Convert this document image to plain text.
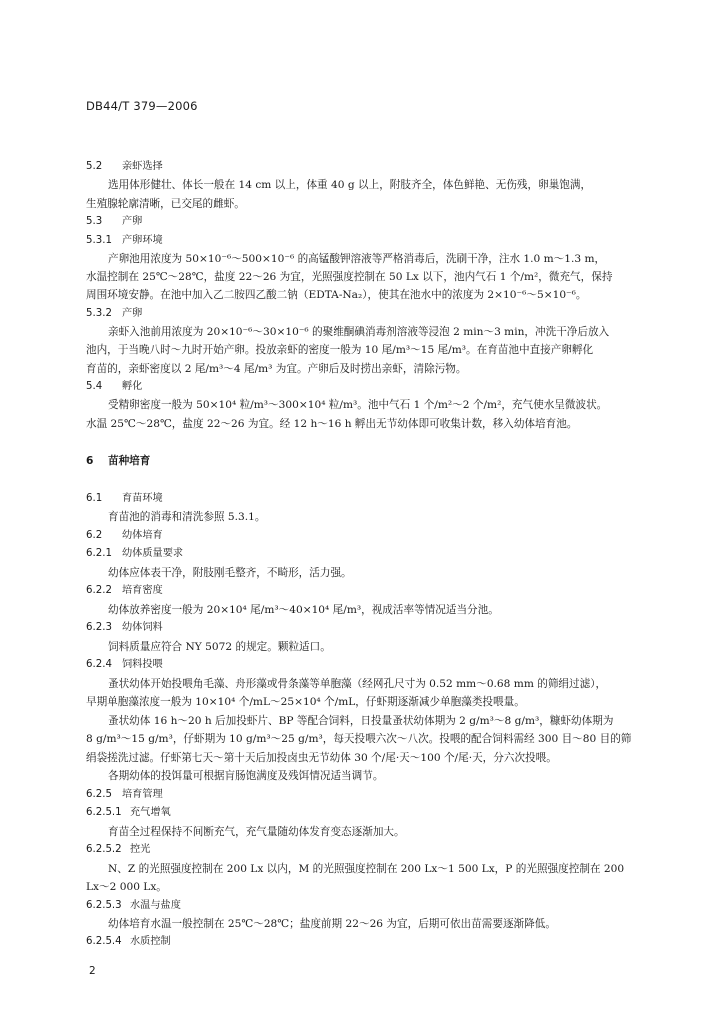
DB44/T 379—2006
5.2 亲虾选择
选用体形健壮、体长一般在 14 cm 以上，体重 40 g 以上，附肢齐全，体色鲜艳、无伤残，卵巢饱满，
生殖腺轮廓清晰，已交尾的雌虾。
5.3 产卵
5.3.1 产卵环境
产卵池用浓度为 50×10⁻⁶～500×10⁻⁶ 的高锰酸钾溶液等严格消毒后，洗刷干净，注水 1.0 m～1.3 m，
水温控制在 25℃～28℃，盐度 22～26 为宜，光照强度控制在 50 Lx 以下，池内气石 1 个/m²，微充气，保持
周围环境安静。在池中加入乙二胺四乙酸二钠（EDTA-Na₂），使其在池水中的浓度为 2×10⁻⁶～5×10⁻⁶。
5.3.2 产卵
亲虾入池前用浓度为 20×10⁻⁶～30×10⁻⁶ 的聚维酮碘消毒剂溶液等浸泡 2 min～3 min，冲洗干净后放入
池内，于当晚八时～九时开始产卵。投放亲虾的密度一般为 10 尾/m³～15 尾/m³。在育苗池中直接产卵孵化
育苗的，亲虾密度以 2 尾/m³～4 尾/m³ 为宜。产卵后及时捞出亲虾，清除污物。
5.4 孵化
受精卵密度一般为 50×10⁴ 粒/m³～300×10⁴ 粒/m³。池中气石 1 个/m²～2 个/m²，充气使水呈微波状。
水温 25℃～28℃，盐度 22～26 为宜。经 12 h～16 h 孵出无节幼体即可收集计数，移入幼体培育池。
6 苗种培育
6.1 育苗环境
育苗池的消毒和清洗参照 5.3.1。
6.2 幼体培育
6.2.1 幼体质量要求
幼体应体表干净，附肢刚毛整齐，不畸形，活力强。
6.2.2 培育密度
幼体放养密度一般为 20×10⁴ 尾/m³～40×10⁴ 尾/m³，视成活率等情况适当分池。
6.2.3 幼体饲料
饲料质量应符合 NY 5072 的规定。颗粒适口。
6.2.4 饲料投喂
蚤状幼体开始投喂角毛藻、舟形藻或骨条藻等单胞藻（经网孔尺寸为 0.52 mm～0.68 mm 的筛绢过滤），
早期单胞藻浓度一般为 10×10⁴ 个/mL～25×10⁴ 个/mL，仔虾期逐渐减少单胞藻类投喂量。
蚤状幼体 16 h～20 h 后加投虾片、BP 等配合饲料，日投量蚤状幼体期为 2 g/m³～8 g/m³，糠虾幼体期为
8 g/m³～15 g/m³，仔虾期为 10 g/m³～25 g/m³，每天投喂六次～八次。投喂的配合饲料需经 300 目～80 目的筛
绢袋搓洗过滤。仔虾第七天～第十天后加投卤虫无节幼体 30 个/尾·天～100 个/尾·天，分六次投喂。
各期幼体的投饵量可根据肓肠饱满度及残饵情况适当调节。
6.2.5 培育管理
6.2.5.1 充气增氧
育苗全过程保持不间断充气，充气量随幼体发育变态逐渐加大。
6.2.5.2 控光
N、Z 的光照强度控制在 200 Lx 以内，M 的光照强度控制在 200 Lx～1 500 Lx，P 的光照强度控制在 200
Lx～2 000 Lx。
6.2.5.3 水温与盐度
幼体培育水温一般控制在 25℃～28℃；盐度前期 22～26 为宜，后期可依出苗需要逐渐降低。
6.2.5.4 水质控制
2
